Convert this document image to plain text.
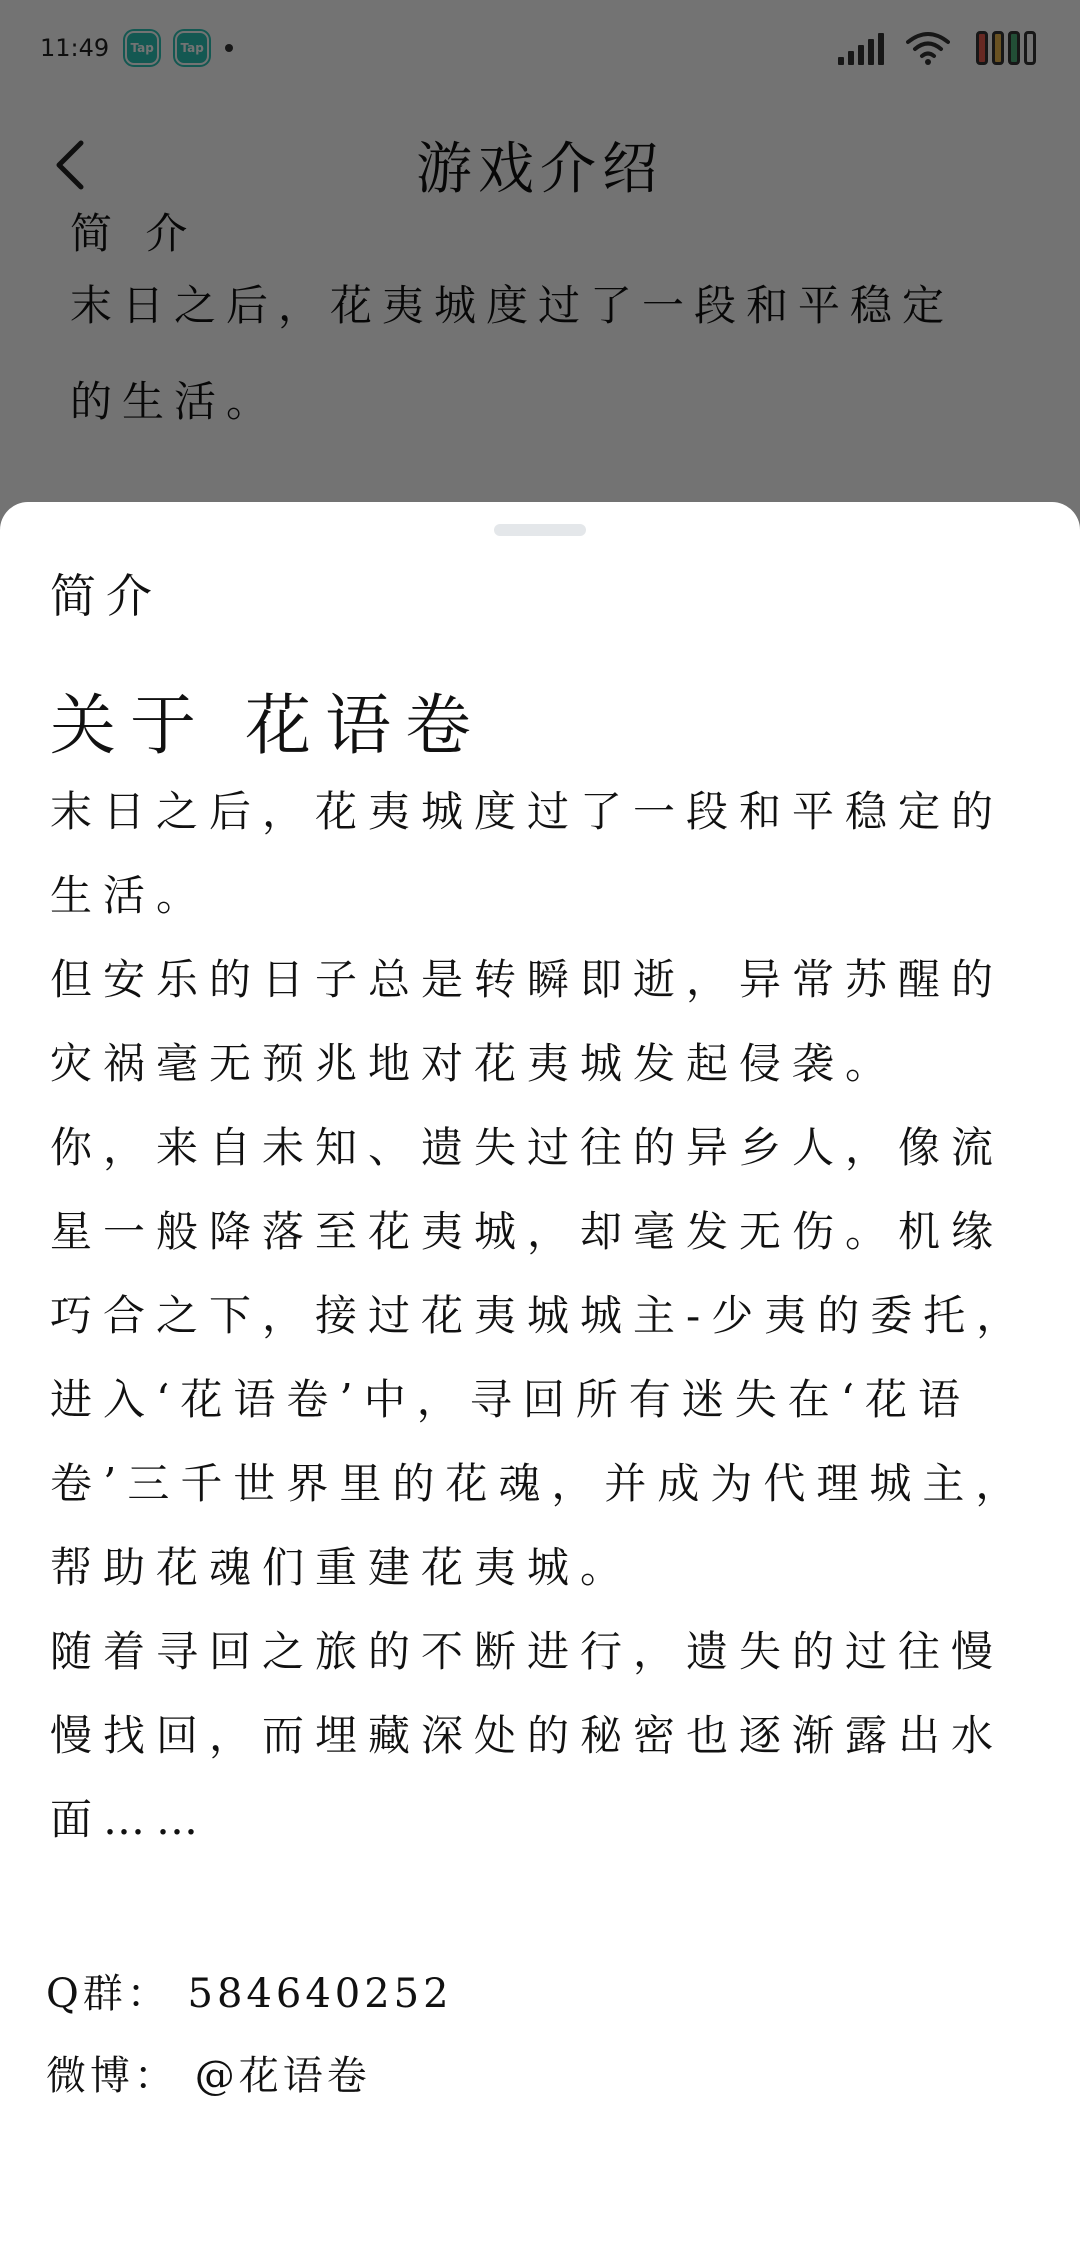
简介
关于 花语卷

末日之后，花夷城度过了一段和平稳定的生活。

但安乐的日子总是转瞬即逝，异常苏醒的灾祸毫无预兆地对花夷城发起侵袭。

你，来自未知、遗失过往的异乡人，像流星一般降落至花夷城，却毫发无伤。机缘巧合之下，接过花夷城城主-少夷的委托，进入‘花语卷’中，寻回所有迷失在‘花语卷’三千世界里的花魂，并成为代理城主，帮助花魂们重建花夷城。

随着寻回之旅的不断进行，遗失的过往慢慢找回，而埋藏深处的秘密也逐渐露出水面……

Q群： 584640252
微博： @花语卷
